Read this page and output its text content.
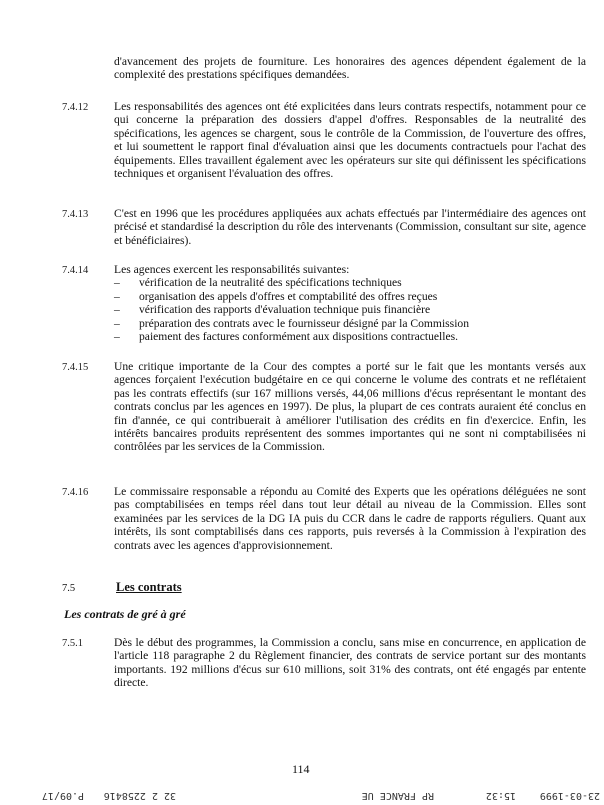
d'avancement des projets de fourniture. Les honoraires des agences dépendent également de la complexité des prestations spécifiques demandées.
7.4.12 Les responsabilités des agences ont été explicitées dans leurs contrats respectifs, notamment pour ce qui concerne la préparation des dossiers d'appel d'offres. Responsables de la neutralité des spécifications, les agences se chargent, sous le contrôle de la Commission, de l'ouverture des offres, et lui soumettent le rapport final d'évaluation ainsi que les documents contractuels pour l'achat des équipements. Elles travaillent également avec les opérateurs sur site qui définissent les spécifications techniques et organisent l'évaluation des offres.
7.4.13 C'est en 1996 que les procédures appliquées aux achats effectués par l'intermédiaire des agences ont précisé et standardisé la description du rôle des intervenants (Commission, consultant sur site, agence et bénéficiaires).
7.4.14 Les agences exercent les responsabilités suivantes:
–	vérification de la neutralité des spécifications techniques
–	organisation des appels d'offres et comptabilité des offres reçues
–	vérification des rapports d'évaluation technique puis financière
–	préparation des contrats avec le fournisseur désigné par la Commission
–	paiement des factures conformément aux dispositions contractuelles.
7.4.15 Une critique importante de la Cour des comptes a porté sur le fait que les montants versés aux agences forçaient l'exécution budgétaire en ce qui concerne le volume des contrats et ne reflétaient pas les contrats effectifs (sur 167 millions versés, 44,06 millions d'écus représentant le montant des contrats conclus par les agences en 1997). De plus, la plupart de ces contrats auraient été conclus en fin d'année, ce qui contribuerait à améliorer l'utilisation des crédits en fin d'exercice. Enfin, les intérêts bancaires produits représentent des sommes importantes qui ne sont ni comptabilisées ni contrôlées par les services de la Commission.
7.4.16 Le commissaire responsable a répondu au Comité des Experts que les opérations déléguées ne sont pas comptabilisées en temps réel dans tout leur détail au niveau de la Commission. Elles sont examinées par les services de la DG IA puis du CCR dans le cadre de rapports réguliers. Quant aux intérêts, ils sont comptabilisés dans ces rapports, puis reversés à la Commission à l'expiration des contrats avec les agences d'approvisionnement.
7.5	Les contrats
Les contrats de gré à gré
7.5.1	Dès le début des programmes, la Commission a conclu, sans mise en concurrence, en application de l'article 118 paragraphe 2 du Règlement financier, des contrats de service portant sur des montants importants. 192 millions d'écus sur 610 millions, soit 31% des contrats, ont été engagés par entente directe.
114
23-03-1999
15:32
RP FRANCE UE
32 2 2258416
P.09/17
